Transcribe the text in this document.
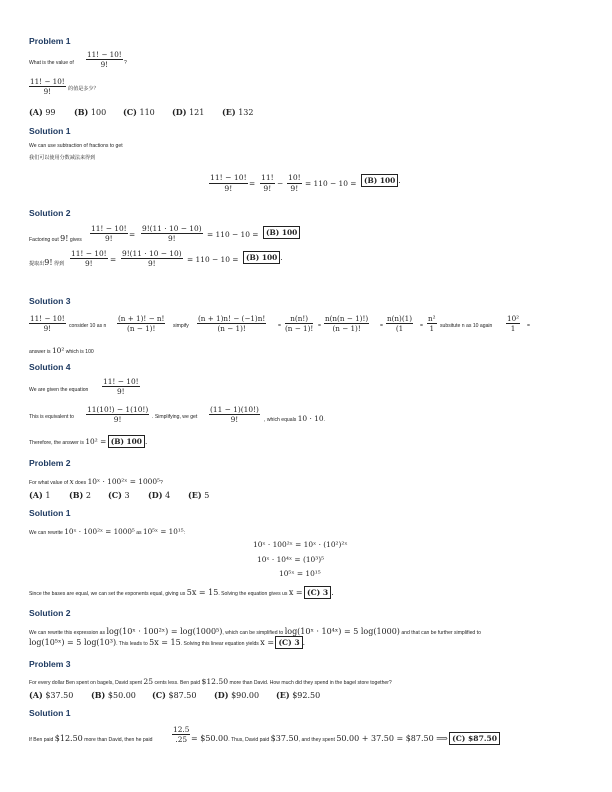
Problem 1
What is the value of
11! − 10!
9!	?
11! − 10!
9!	的值是多少？
(A) 99 (B) 100 (C) 110 (D) 121 (E) 132
Solution 1
We can use subtraction of fractions to get
我们可以使用分数减法来得到
11! − 10!
9!
=
11!
9!
−
10!
9!
= 110 − 10 =	(B) 100 .
Solution 2
Factoring out 9! gives
11! − 10!
9!	=
9!(11 · 10 − 10)
9!	= 110 − 10 =	(B) 100
提取出9! 得到
11! − 10!
9!	=
9!(11 · 10 − 10)
9!	= 110 − 10 =	(B) 100 .
Solution 3
11! − 10!
9!	consider 10 as n
(n + 1)! − n!
(n − 1)!	simpify
(n + 1)n! − (−1)n!
(n − 1)!	=
n(n!)
(n − 1)! =
n(n(n − 1)!)
(n − 1)!	=
n(n)(1)
(1	=
n²
1	subsitute n as 10 again
10²
1	=
answer is 10² which is 100
Solution 4
We are given the equation
11! − 10!
9!
This is equivalent to
11(10!) − 1(10!)
9!	. Simplifying, we get
(11 − 1)(10!)
9!	, which equals 10 · 10.
Therefore, the answer is 10² = (B) 100 .
Problem 2
For what value of x does 10ˣ · 100²ˣ = 1000⁵?
(A) 1 (B) 2 (C) 3 (D) 4 (E) 5
Solution 1
We can rewrite 10ˣ · 100²ˣ = 1000⁵ as 10⁵ˣ = 10¹⁵:
10ˣ · 100²ˣ = 10ˣ · (10²)²ˣ
10ˣ · 10⁴ˣ = (10³)⁵
10⁵ˣ = 10¹⁵
Since the bases are equal, we can set the exponents equal, giving us 5x = 15. Solving the equation gives us x = (C) 3 .
Solution 2
We can rewrite this expression as log(10ˣ · 100²ˣ) = log(1000⁵), which can be simplified to log(10ˣ · 10⁴ˣ) = 5 log(1000) and that can be further simplified to
log(10⁵ˣ) = 5 log(10³). This leads to 5x = 15. Solving this linear equation yields x = (C) 3 .
Problem 3
For every dollar Ben spent on bagels, David spent 25 cents less. Ben paid $12.50 more than David. How much did they spend in the bagel store together?
(A) $37.50 (B) $50.00 (C) $87.50 (D) $90.00 (E) $92.50
Solution 1
If Ben paid $12.50 more than David, then he paid
12.5
.25 = $50.00. Thus, David paid $37.50, and they spent 50.00 + 37.50 = $87.50 ⟹ (C) $87.50
